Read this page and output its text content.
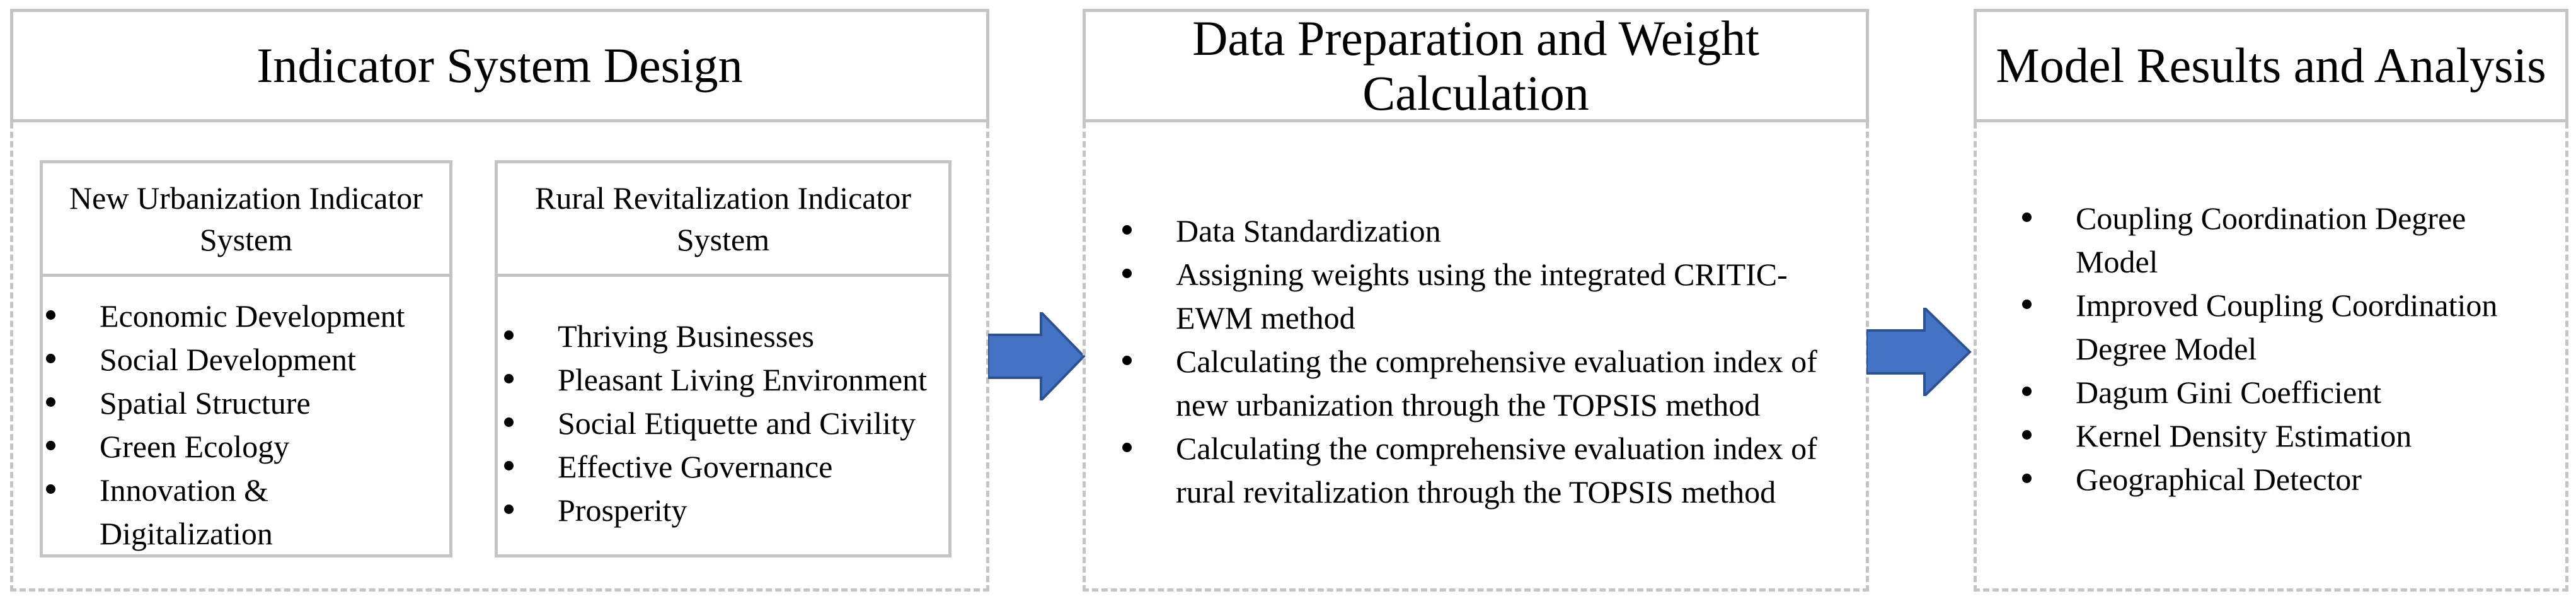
Indicator System Design
New Urbanization Indicator System
Economic Development
Social Development
Spatial Structure
Green Ecology
Innovation & Digitalization
Rural Revitalization Indicator System
Thriving Businesses
Pleasant Living Environment
Social Etiquette and Civility
Effective Governance
Prosperity
Data Preparation and Weight Calculation
Data Standardization
Assigning weights using the integrated CRITIC-EWM method
Calculating the comprehensive evaluation index of new urbanization through the TOPSIS method
Calculating the comprehensive evaluation index of rural revitalization through the TOPSIS method
Model Results and Analysis
Coupling Coordination Degree Model
Improved Coupling Coordination Degree Model
Dagum Gini Coefficient
Kernel Density Estimation
Geographical Detector
